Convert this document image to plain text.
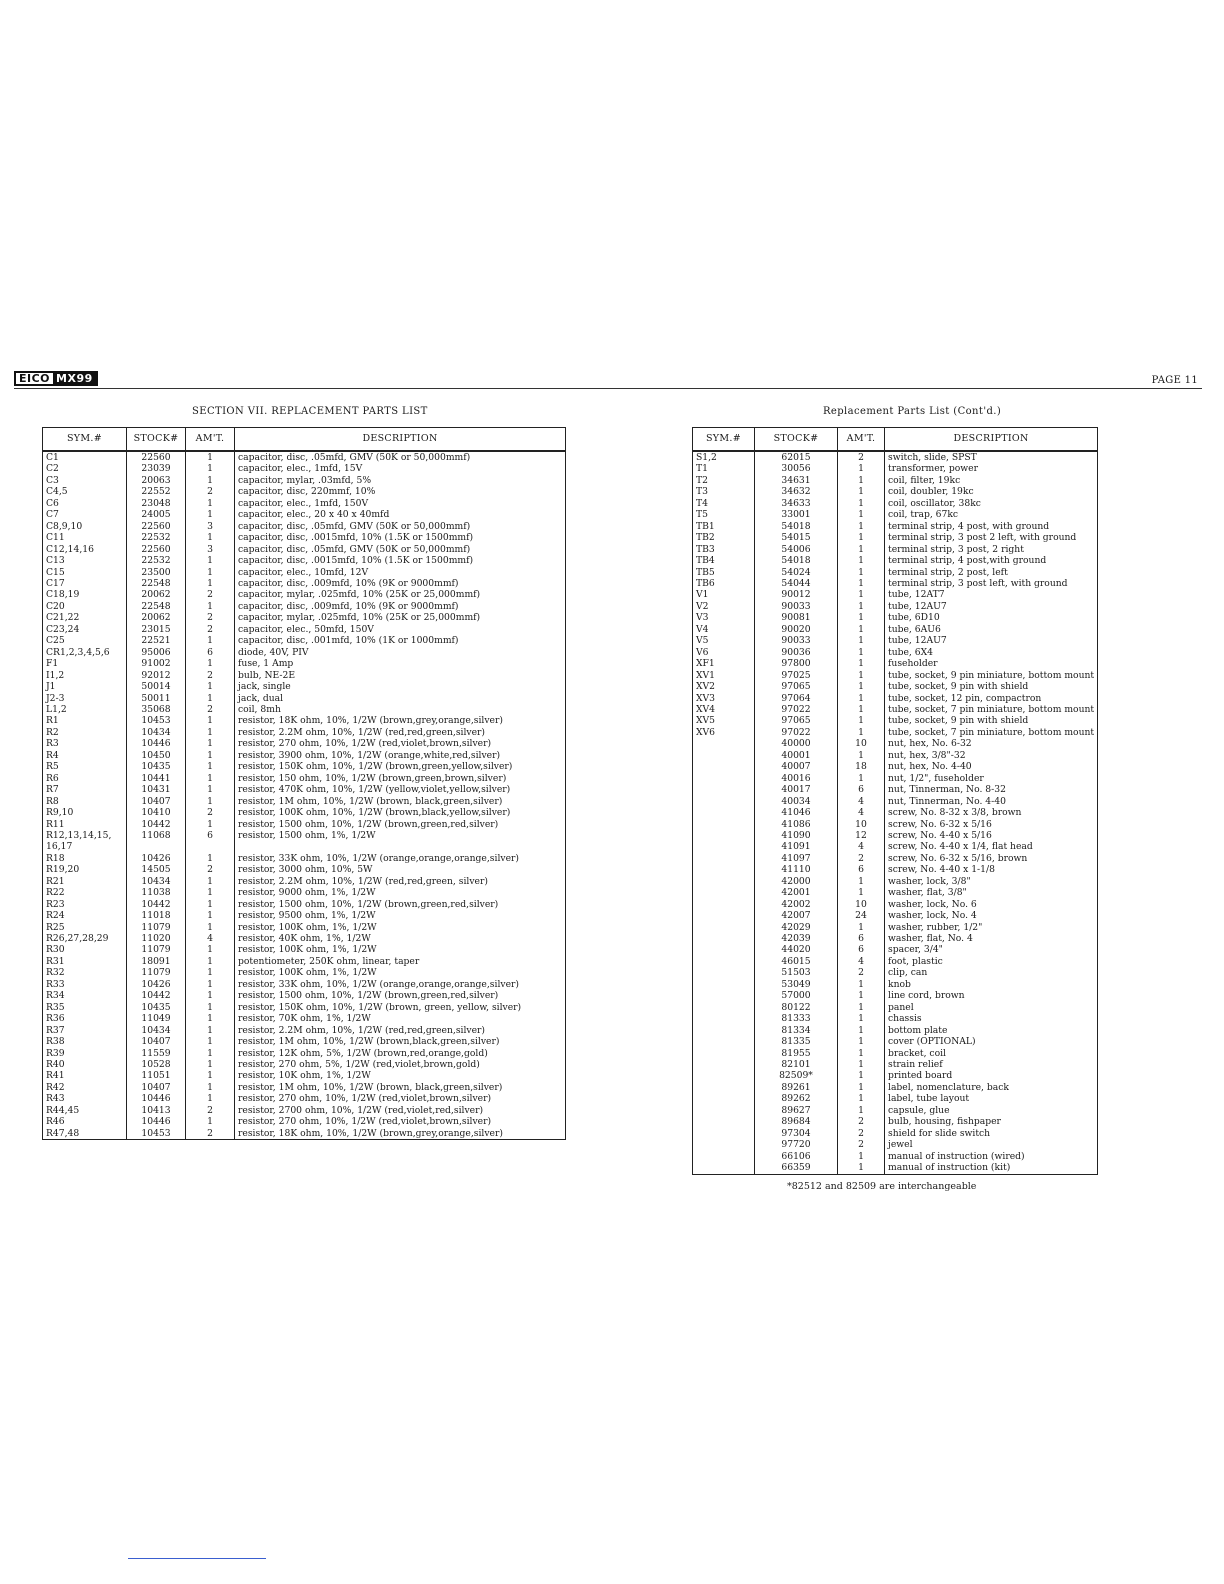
EICO MX99	PAGE 11
SECTION VII. REPLACEMENT PARTS LIST	Replacement Parts List (Cont'd.)
SYM.#	STOCK#	AM'T.	DESCRIPTION
C1	22560	1	capacitor, disc, .05mfd, GMV (50K or 50,000mmf)
C2	23039	1	capacitor, elec., 1mfd, 15V
C3	20063	1	capacitor, mylar, .03mfd, 5%
C4,5	22552	2	capacitor, disc, 220mmf, 10%
C6	23048	1	capacitor, elec., 1mfd, 150V
C7	24005	1	capacitor, elec., 20 x 40 x 40mfd
C8,9,10	22560	3	capacitor, disc, .05mfd, GMV (50K or 50,000mmf)
C11	22532	1	capacitor, disc, .0015mfd, 10% (1.5K or 1500mmf)
C12,14,16	22560	3	capacitor, disc, .05mfd, GMV (50K or 50,000mmf)
C13	22532	1	capacitor, disc, .0015mfd, 10% (1.5K or 1500mmf)
C15	23500	1	capacitor, elec., 10mfd, 12V
C17	22548	1	capacitor, disc, .009mfd, 10% (9K or 9000mmf)
C18,19	20062	2	capacitor, mylar, .025mfd, 10% (25K or 25,000mmf)
C20	22548	1	capacitor, disc, .009mfd, 10% (9K or 9000mmf)
C21,22	20062	2	capacitor, mylar, .025mfd, 10% (25K or 25,000mmf)
C23,24	23015	2	capacitor, elec., 50mfd, 150V
C25	22521	1	capacitor, disc, .001mfd, 10% (1K or 1000mmf)
CR1,2,3,4,5,6	95006	6	diode, 40V, PIV
F1	91002	1	fuse, 1 Amp
I1,2	92012	2	bulb, NE-2E
J1	50014	1	jack, single
J2-3	50011	1	jack, dual
L1,2	35068	2	coil, 8mh
R1	10453	1	resistor, 18K ohm, 10%, 1/2W (brown,grey,orange,silver)
R2	10434	1	resistor, 2.2M ohm, 10%, 1/2W (red,red,green,silver)
R3	10446	1	resistor, 270 ohm, 10%, 1/2W (red,violet,brown,silver)
R4	10450	1	resistor, 3900 ohm, 10%, 1/2W (orange,white,red,silver)
R5	10435	1	resistor, 150K ohm, 10%, 1/2W (brown,green,yellow,silver)
R6	10441	1	resistor, 150 ohm, 10%, 1/2W (brown,green,brown,silver)
R7	10431	1	resistor, 470K ohm, 10%, 1/2W (yellow,violet,yellow,silver)
R8	10407	1	resistor, 1M ohm, 10%, 1/2W (brown, black,green,silver)
R9,10	10410	2	resistor, 100K ohm, 10%, 1/2W (brown,black,yellow,silver)
R11	10442	1	resistor, 1500 ohm, 10%, 1/2W (brown,green,red,silver)
R12,13,14,15,	11068	6	resistor, 1500 ohm, 1%, 1/2W
16,17			
R18	10426	1	resistor, 33K ohm, 10%, 1/2W (orange,orange,orange,silver)
R19,20	14505	2	resistor, 3000 ohm, 10%, 5W
R21	10434	1	resistor, 2.2M ohm, 10%, 1/2W (red,red,green, silver)
R22	11038	1	resistor, 9000 ohm, 1%, 1/2W
R23	10442	1	resistor, 1500 ohm, 10%, 1/2W (brown,green,red,silver)
R24	11018	1	resistor, 9500 ohm, 1%, 1/2W
R25	11079	1	resistor, 100K ohm, 1%, 1/2W
R26,27,28,29	11020	4	resistor, 40K ohm, 1%, 1/2W
R30	11079	1	resistor, 100K ohm, 1%, 1/2W
R31	18091	1	potentiometer, 250K ohm, linear, taper
R32	11079	1	resistor, 100K ohm, 1%, 1/2W
R33	10426	1	resistor, 33K ohm, 10%, 1/2W (orange,orange,orange,silver)
R34	10442	1	resistor, 1500 ohm, 10%, 1/2W (brown,green,red,silver)
R35	10435	1	resistor, 150K ohm, 10%, 1/2W (brown, green, yellow, silver)
R36	11049	1	resistor, 70K ohm, 1%, 1/2W
R37	10434	1	resistor, 2.2M ohm, 10%, 1/2W (red,red,green,silver)
R38	10407	1	resistor, 1M ohm, 10%, 1/2W (brown,black,green,silver)
R39	11559	1	resistor, 12K ohm, 5%, 1/2W (brown,red,orange,gold)
R40	10528	1	resistor, 270 ohm, 5%, 1/2W (red,violet,brown,gold)
R41	11051	1	resistor, 10K ohm, 1%, 1/2W
R42	10407	1	resistor, 1M ohm, 10%, 1/2W (brown, black,green,silver)
R43	10446	1	resistor, 270 ohm, 10%, 1/2W (red,violet,brown,silver)
R44,45	10413	2	resistor, 2700 ohm, 10%, 1/2W (red,violet,red,silver)
R46	10446	1	resistor, 270 ohm, 10%, 1/2W (red,violet,brown,silver)
R47,48	10453	2	resistor, 18K ohm, 10%, 1/2W (brown,grey,orange,silver)
SYM.#	STOCK#	AM'T.	DESCRIPTION
S1,2	62015	2	switch, slide, SPST
T1	30056	1	transformer, power
T2	34631	1	coil, filter, 19kc
T3	34632	1	coil, doubler, 19kc
T4	34633	1	coil, oscillator, 38kc
T5	33001	1	coil, trap, 67kc
TB1	54018	1	terminal strip, 4 post, with ground
TB2	54015	1	terminal strip, 3 post 2 left, with ground
TB3	54006	1	terminal strip, 3 post, 2 right
TB4	54018	1	terminal strip, 4 post,with ground
TB5	54024	1	terminal strip, 2 post, left
TB6	54044	1	terminal strip, 3 post left, with ground
V1	90012	1	tube, 12AT7
V2	90033	1	tube, 12AU7
V3	90081	1	tube, 6D10
V4	90020	1	tube, 6AU6
V5	90033	1	tube, 12AU7
V6	90036	1	tube, 6X4
XF1	97800	1	fuseholder
XV1	97025	1	tube, socket, 9 pin miniature, bottom mount
XV2	97065	1	tube, socket, 9 pin with shield
XV3	97064	1	tube, socket, 12 pin, compactron
XV4	97022	1	tube, socket, 7 pin miniature, bottom mount
XV5	97065	1	tube, socket, 9 pin with shield
XV6	97022	1	tube, socket, 7 pin miniature, bottom mount
	40000	10	nut, hex, No. 6-32
	40001	1	nut, hex, 3/8"-32
	40007	18	nut, hex, No. 4-40
	40016	1	nut, 1/2", fuseholder
	40017	6	nut, Tinnerman, No. 8-32
	40034	4	nut, Tinnerman, No. 4-40
	41046	4	screw, No. 8-32 x 3/8, brown
	41086	10	screw, No. 6-32 x 5/16
	41090	12	screw, No. 4-40 x 5/16
	41091	4	screw, No. 4-40 x 1/4, flat head
	41097	2	screw, No. 6-32 x 5/16, brown
	41110	6	screw, No. 4-40 x 1-1/8
	42000	1	washer, lock, 3/8"
	42001	1	washer, flat, 3/8"
	42002	10	washer, lock, No. 6
	42007	24	washer, lock, No. 4
	42029	1	washer, rubber, 1/2"
	42039	6	washer, flat, No. 4
	44020	6	spacer, 3/4"
	46015	4	foot, plastic
	51503	2	clip, can
	53049	1	knob
	57000	1	line cord, brown
	80122	1	panel
	81333	1	chassis
	81334	1	bottom plate
	81335	1	cover (OPTIONAL)
	81955	1	bracket, coil
	82101	1	strain relief
	82509*	1	printed board
	89261	1	label, nomenclature, back
	89262	1	label, tube layout
	89627	1	capsule, glue
	89684	2	bulb, housing, fishpaper
	97304	2	shield for slide switch
	97720	2	jewel
	66106	1	manual of instruction (wired)
	66359	1	manual of instruction (kit)
*82512 and 82509 are interchangeable
